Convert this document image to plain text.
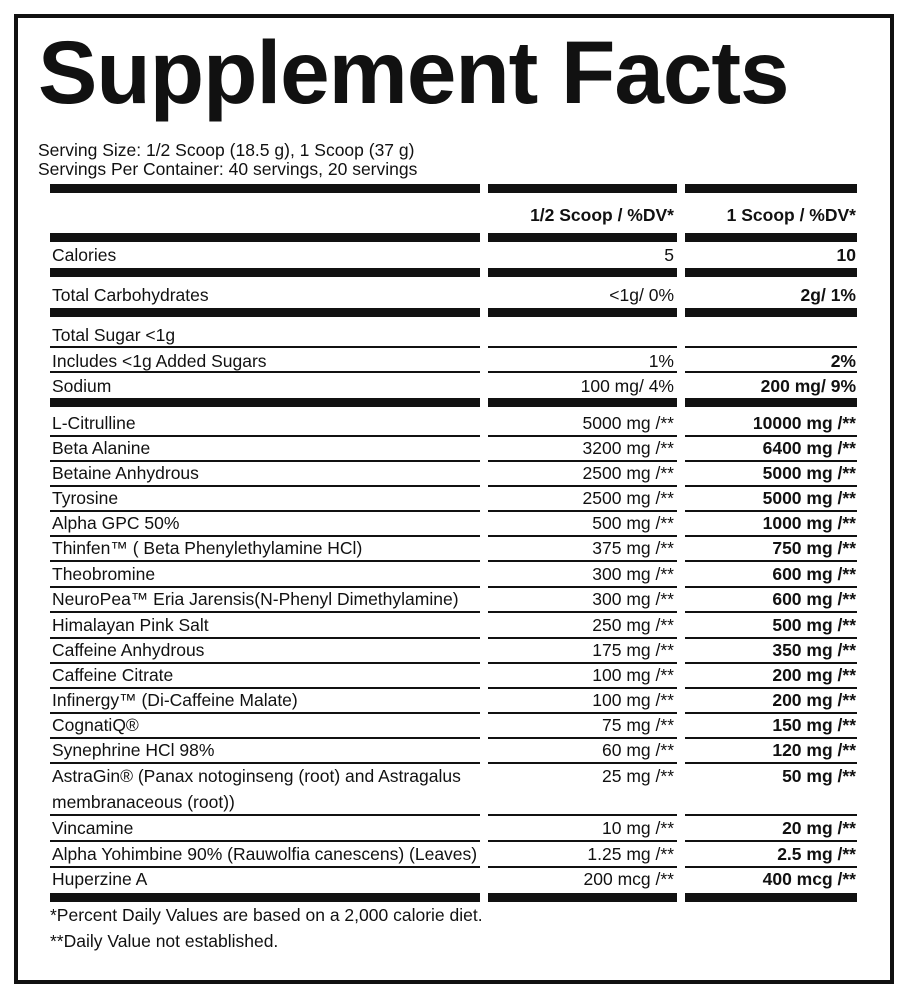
Supplement Facts
Serving Size: 1/2 Scoop (18.5 g), 1 Scoop (37 g)
Servings Per Container: 40 servings, 20 servings
1/2 Scoop / %DV*	1 Scoop / %DV*
Calories	5	10
Total Carbohydrates	<1g/ 0%	2g/ 1%
Total Sugar <1g
Includes <1g Added Sugars	1%	2%
Sodium	100 mg/ 4%	200 mg/ 9%
L-Citrulline	5000 mg /**	10000 mg /**
Beta Alanine	3200 mg /**	6400 mg /**
Betaine Anhydrous	2500 mg /**	5000 mg /**
Tyrosine	2500 mg /**	5000 mg /**
Alpha GPC 50%	500 mg /**	1000 mg /**
Thinfen™ ( Beta Phenylethylamine HCl)	375 mg /**	750 mg /**
Theobromine	300 mg /**	600 mg /**
NeuroPea™ Eria Jarensis(N-Phenyl Dimethylamine)	300 mg /**	600 mg /**
Himalayan Pink Salt	250 mg /**	500 mg /**
Caffeine Anhydrous	175 mg /**	350 mg /**
Caffeine Citrate	100 mg /**	200 mg /**
Infinergy™ (Di-Caffeine Malate)	100 mg /**	200 mg /**
CognatiQ®	75 mg /**	150 mg /**
Synephrine HCl 98%	60 mg /**	120 mg /**
AstraGin® (Panax notoginseng (root) and Astragalus
membranaceous (root))
25 mg /**	50 mg /**
Vincamine	10 mg /**	20 mg /**
Alpha Yohimbine 90% (Rauwolfia canescens) (Leaves)	1.25 mg /**	2.5 mg /**
Huperzine A	200 mcg /**	400 mcg /**
*Percent Daily Values are based on a 2,000 calorie diet.
**Daily Value not established.
